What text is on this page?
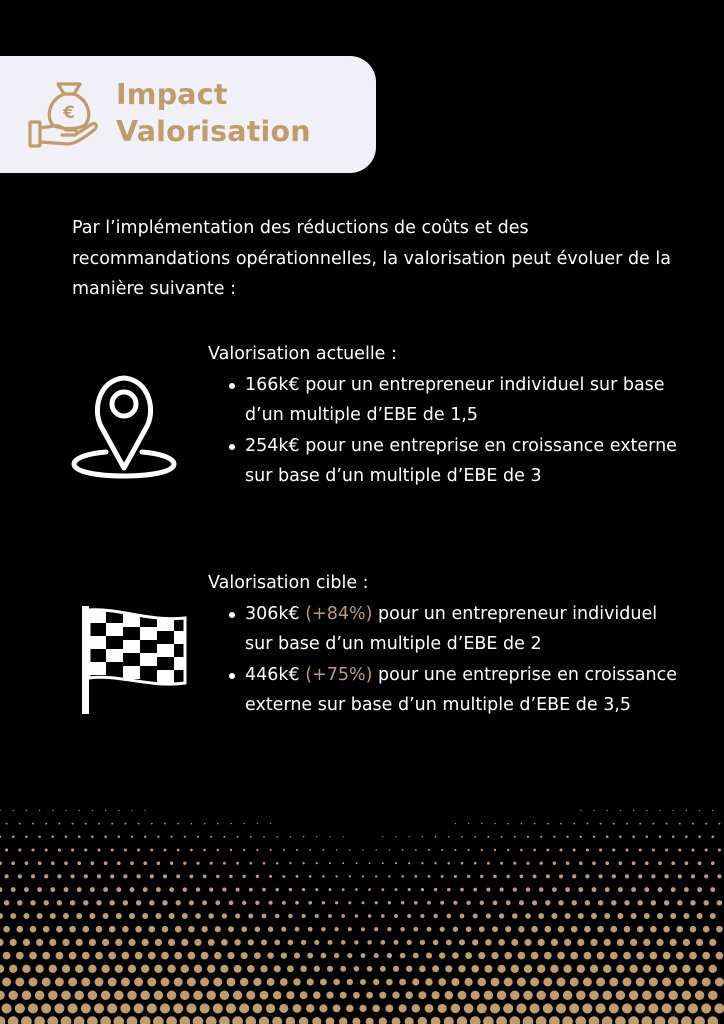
€
Impact
Valorisation

Par l’implémentation des réductions de coûts et des recommandations opérationnelles, la valorisation peut évoluer de la manière suivante :

Valorisation actuelle :
166k€ pour un entrepreneur individuel sur base d’un multiple d’EBE de 1,5
254k€ pour une entreprise en croissance externe sur base d’un multiple d’EBE de 3
Valorisation cible :
306k€ (+84%) pour un entrepreneur individuel sur base d’un multiple d’EBE de 2
446k€ (+75%) pour une entreprise en croissance externe sur base d’un multiple d’EBE de 3,5
